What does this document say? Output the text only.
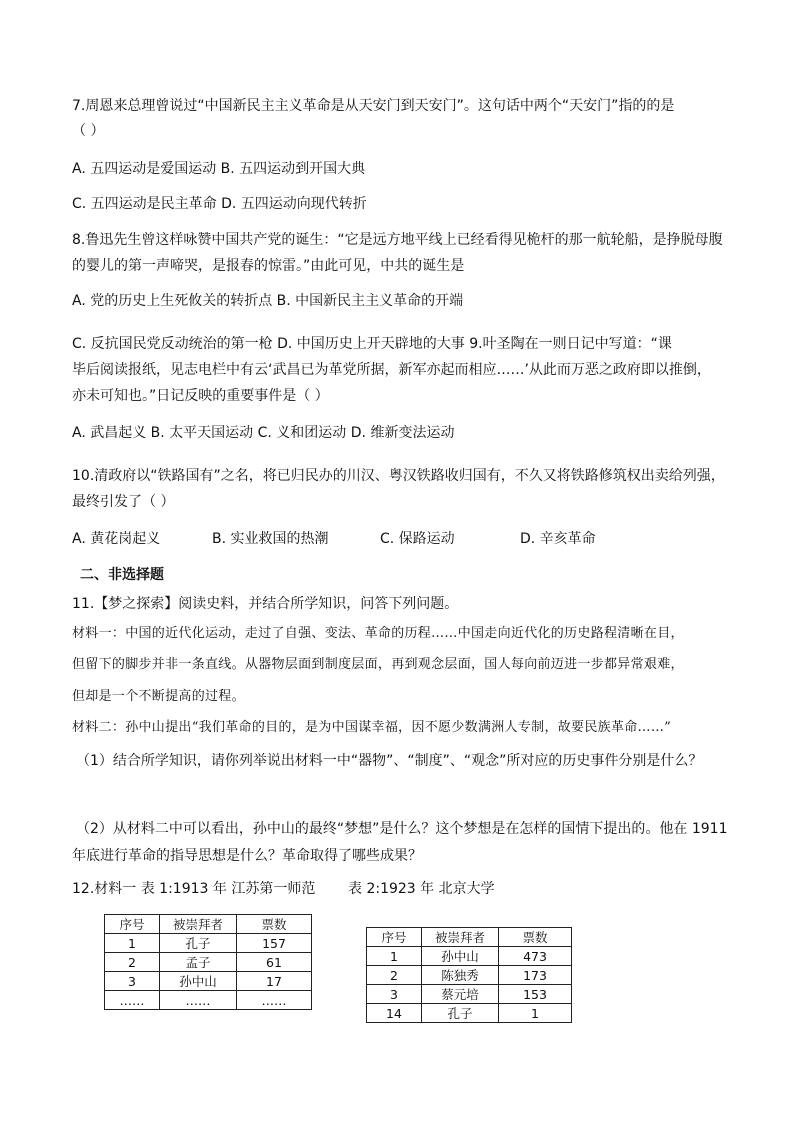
7.周恩来总理曾说过“中国新民主主义革命是从天安门到天安门”。这句话中两个“天安门”指的的是
（ ）
A. 五四运动是爱国运动 B. 五四运动到开国大典
C. 五四运动是民主革命 D. 五四运动向现代转折
8.鲁迅先生曾这样咏赞中国共产党的诞生：“它是远方地平线上已经看得见桅杆的那一航轮船，是挣脱母腹
的婴儿的第一声啼哭，是报春的惊雷。”由此可见，中共的诞生是
A. 党的历史上生死攸关的转折点 B. 中国新民主主义革命的开端
C. 反抗国民党反动统治的第一枪 D. 中国历史上开天辟地的大事 9.叶圣陶在一则日记中写道：“课
毕后阅读报纸，见志电栏中有云‘武昌已为革党所据，新军亦起而相应……’从此而万恶之政府即以推倒，
亦未可知也。”日记反映的重要事件是（ ）
A. 武昌起义 B. 太平天国运动 C. 义和团运动 D. 维新变法运动
10.清政府以“铁路国有”之名，将已归民办的川汉、粤汉铁路收归国有，不久又将铁路修筑权出卖给列强，
最终引发了（ ）
A. 黄花岗起义	B. 实业救国的热潮	C. 保路运动	D. 辛亥革命
二、非选择题
11.【梦之探索】阅读史料，并结合所学知识，问答下列问题。
材料一：中国的近代化运动，走过了自强、变法、革命的历程……中国走向近代化的历史路程清晰在目，
但留下的脚步并非一条直线。从器物层面到制度层面，再到观念层面，国人每向前迈进一步都异常艰难，
但却是一个不断提高的过程。
材料二：孙中山提出“我们革命的目的，是为中国谋幸福，因不愿少数满洲人专制，故要民族革命……”
（1）结合所学知识，请你列举说出材料一中“器物”、“制度”、“观念”所对应的历史事件分别是什么？
（2）从材料二中可以看出，孙中山的最终“梦想”是什么？这个梦想是在怎样的国情下提出的。他在 1911
年底进行革命的指导思想是什么？革命取得了哪些成果？
12.材料一 表 1:1913 年 江苏第一师范 表 2:1923 年 北京大学
序号	被崇拜者	票数
1	孔子	157
2	孟子	61
3	孙中山	17
……	……	……
序号	被崇拜者	票数
1	孙中山	473
2	陈独秀	173
3	蔡元培	153
14	孔子	1
